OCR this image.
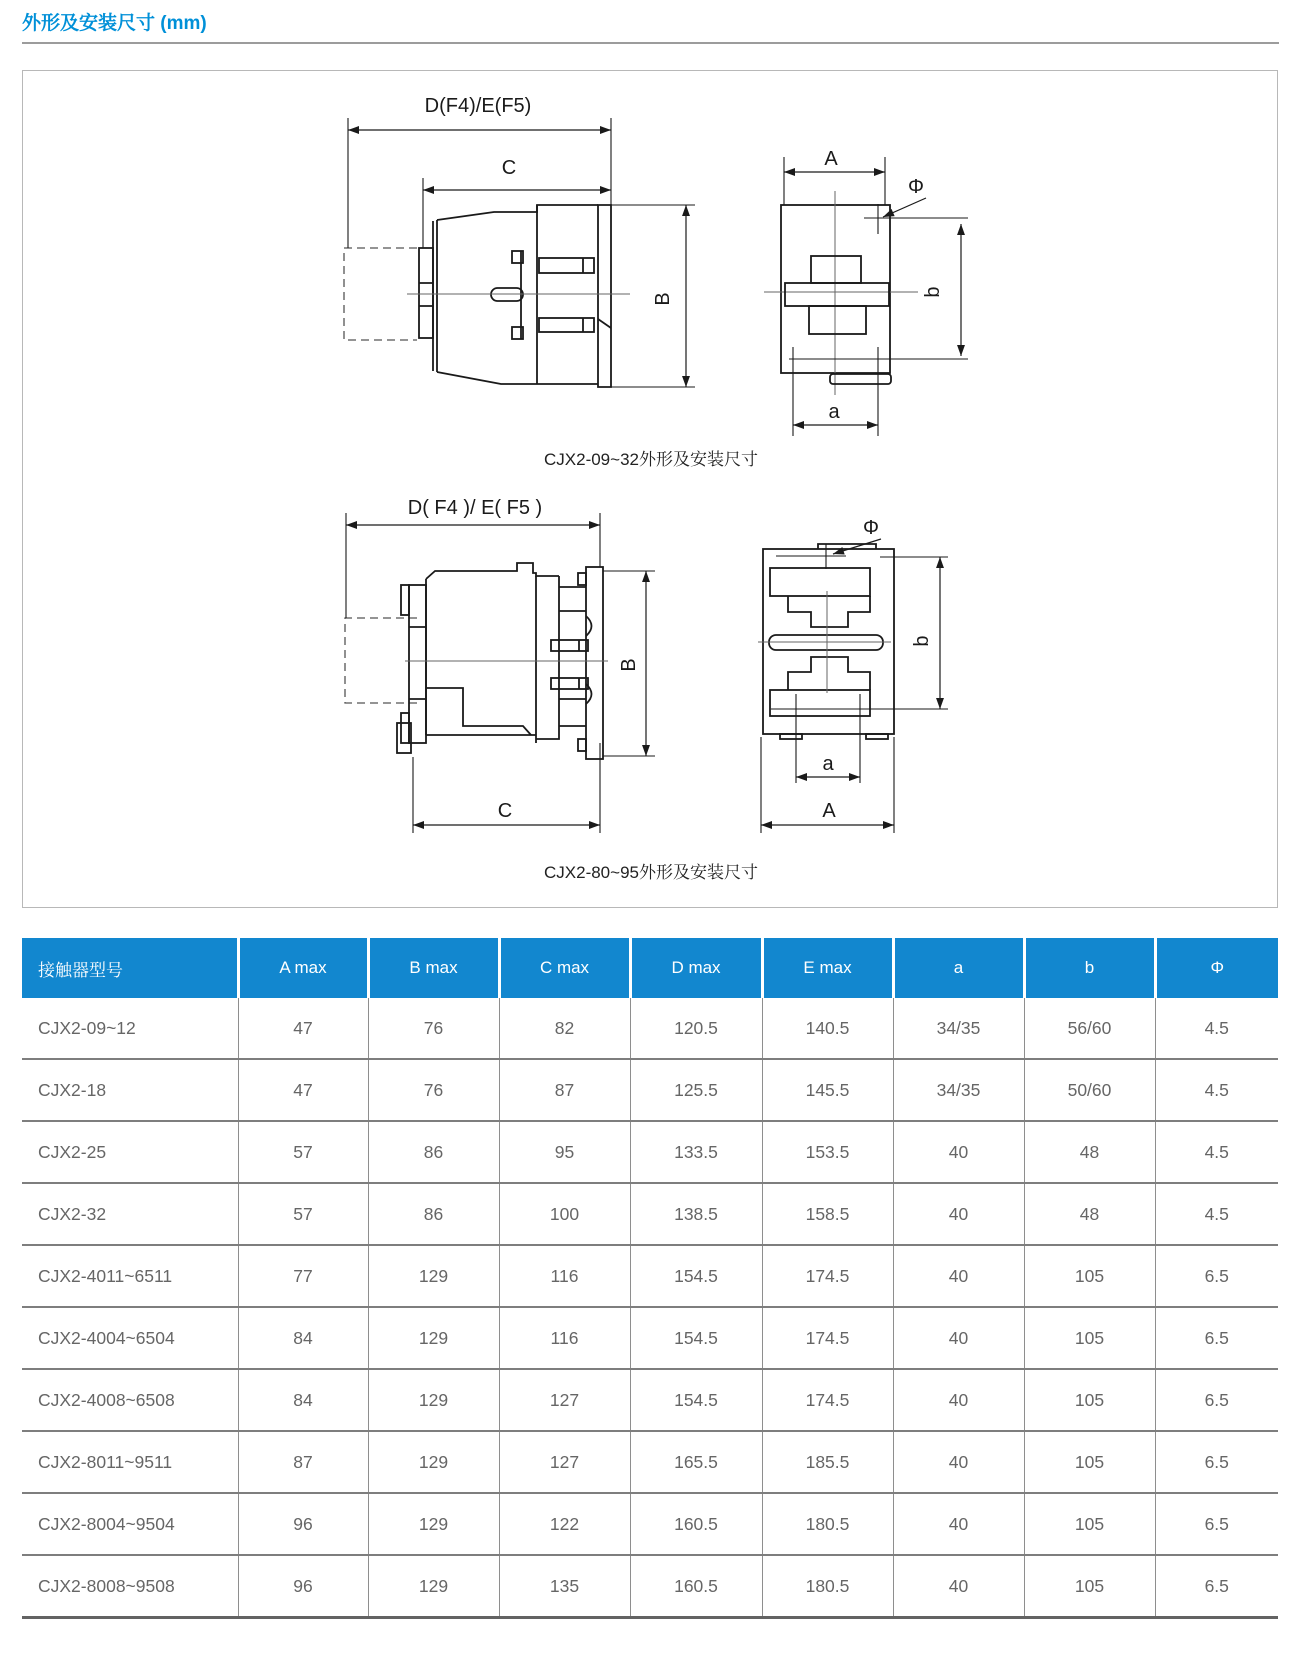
外形及安装尺寸 (mm)
D(F4)/E(F5)
C
B
A
Φ
b
a
CJX2-09~32外形及安装尺寸
D( F4 )/ E( F5 )
B
C
Φ
b
a
A
CJX2-80~95外形及安装尺寸
接触器型号	A max	B max	C max	D max	E max	a	b	Φ
CJX2-09~12	47	76	82	120.5	140.5	34/35	56/60	4.5
CJX2-18	47	76	87	125.5	145.5	34/35	50/60	4.5
CJX2-25	57	86	95	133.5	153.5	40	48	4.5
CJX2-32	57	86	100	138.5	158.5	40	48	4.5
CJX2-4011~6511	77	129	116	154.5	174.5	40	105	6.5
CJX2-4004~6504	84	129	116	154.5	174.5	40	105	6.5
CJX2-4008~6508	84	129	127	154.5	174.5	40	105	6.5
CJX2-8011~9511	87	129	127	165.5	185.5	40	105	6.5
CJX2-8004~9504	96	129	122	160.5	180.5	40	105	6.5
CJX2-8008~9508	96	129	135	160.5	180.5	40	105	6.5
